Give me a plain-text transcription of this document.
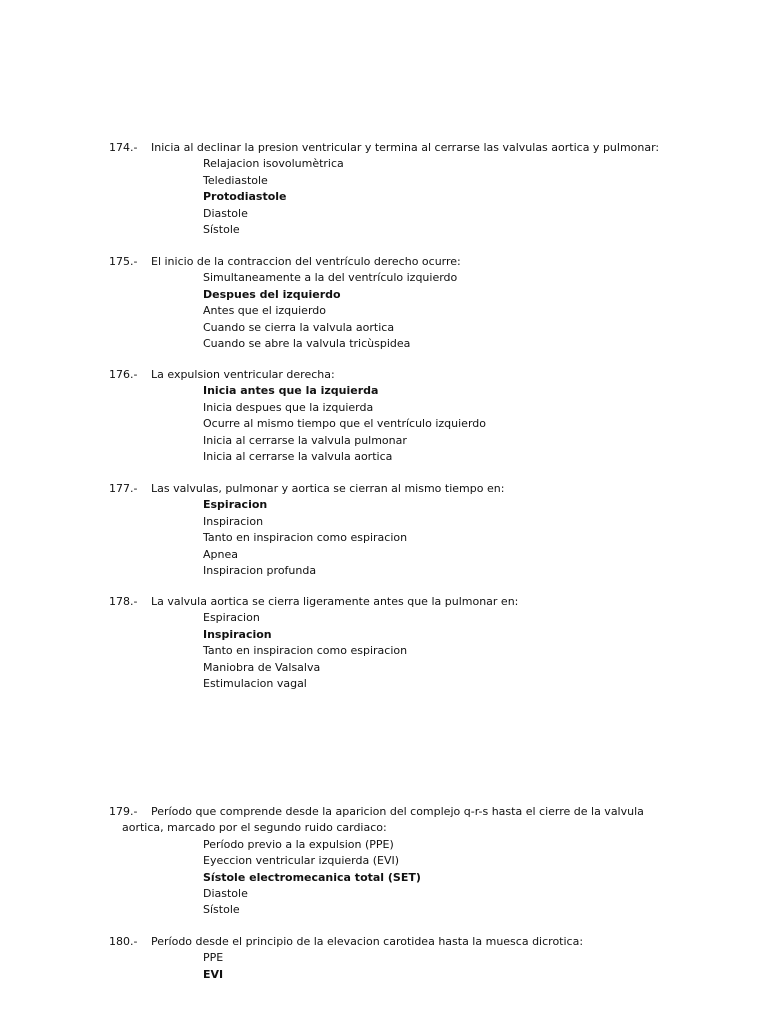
174.- Inicia al declinar la presion ventricular y termina al cerrarse las valvulas aortica y pulmonar:
Relajacion isovolumètrica
Telediastole
Protodiastole
Diastole
Sístole
175.- El inicio de la contraccion del ventrículo derecho ocurre:
Simultaneamente a la del ventrículo izquierdo
Despues del izquierdo
Antes que el izquierdo
Cuando se cierra la valvula aortica
Cuando se abre la valvula tricùspidea
176.- La expulsion ventricular derecha:
Inicia antes que la izquierda
Inicia despues que la izquierda
Ocurre al mismo tiempo que el ventrículo izquierdo
Inicia al cerrarse la valvula pulmonar
Inicia al cerrarse la valvula aortica
177.- Las valvulas, pulmonar y aortica se cierran al mismo tiempo en:
Espiracion
Inspiracion
Tanto en inspiracion como espiracion
Apnea
Inspiracion profunda
178.- La valvula aortica se cierra ligeramente antes que la pulmonar en:
Espiracion
Inspiracion
Tanto en inspiracion como espiracion
Maniobra de Valsalva
Estimulacion vagal
179.- Período que comprende desde la aparicion del complejo q-r-s hasta el cierre de la valvula
aortica, marcado por el segundo ruido cardiaco:
Período previo a la expulsion (PPE)
Eyeccion ventricular izquierda (EVI)
Sístole electromecanica total (SET)
Diastole
Sístole
180.- Período desde el principio de la elevacion carotidea hasta la muesca dicrotica:
PPE
EVI
